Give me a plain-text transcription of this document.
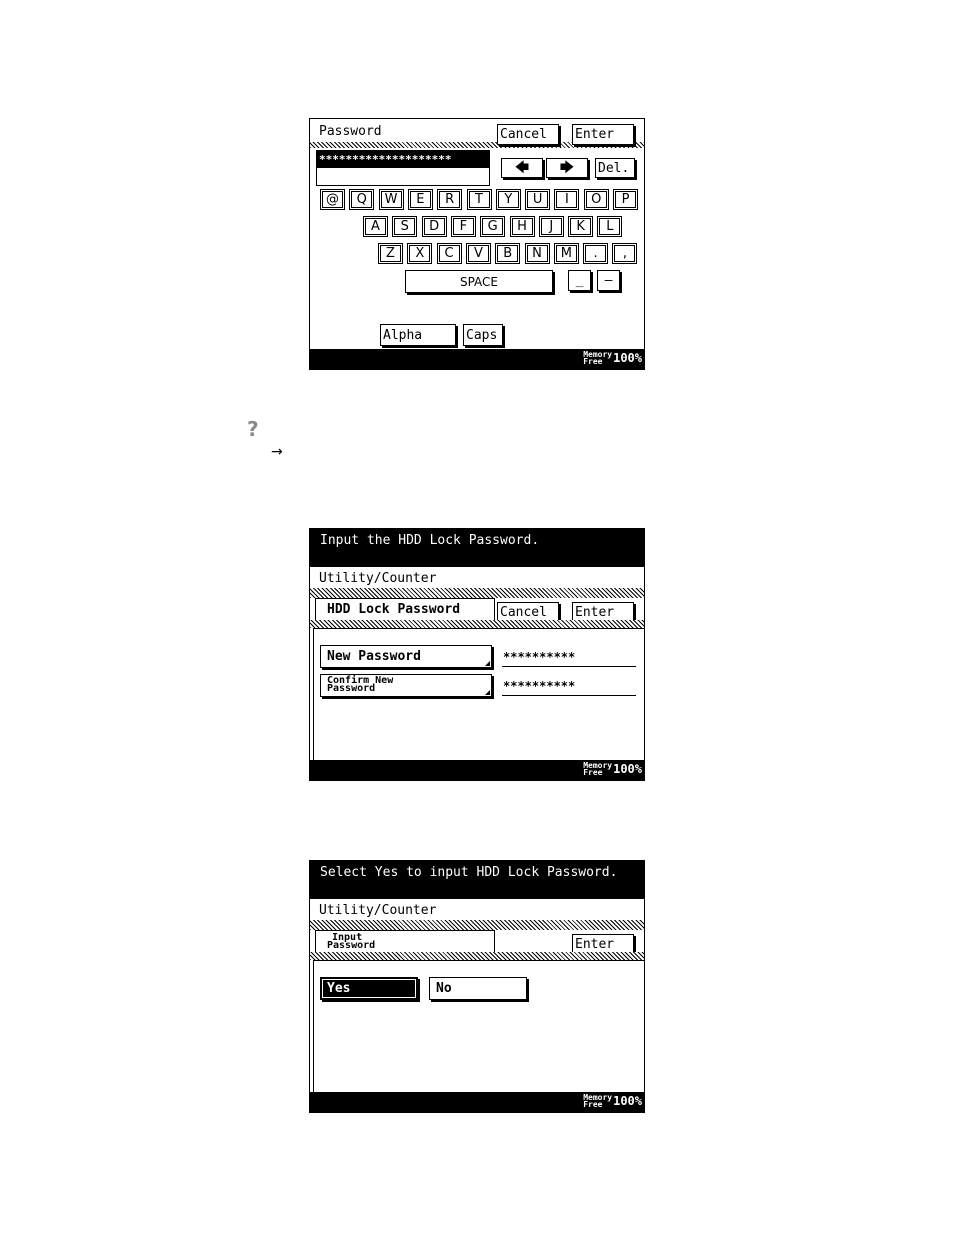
Password	Cancel	Enter
********************
🡄 🡆 Del.
@	Q	W	E	R	T	Y	U	I	O	P
A	S	D	F	G	H	J	K	L
Z	X	C	V	B	N	M	.	,
SPACE	_	–
Alpha	Caps
Memory
Free 100%
?
→
Input the HDD Lock Password.
Utility/Counter
HDD Lock Password	Cancel	Enter
New Password	**********
Confirm New
Password	**********
Memory
Free 100%
Select Yes to input HDD Lock Password.
Utility/Counter
Input
Password	Enter
Yes	No
Memory
Free 100%
